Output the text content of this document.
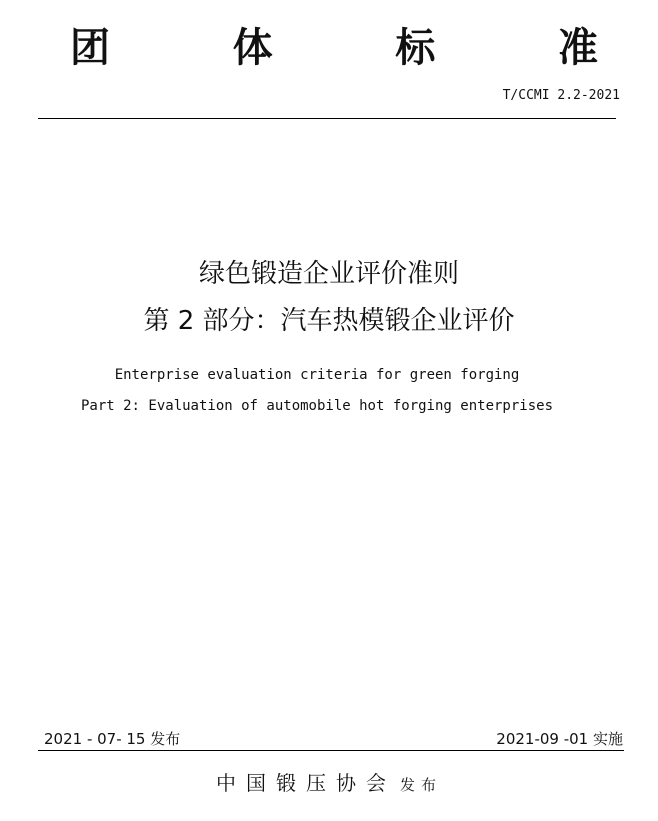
团	体	标	准
T/CCMI 2.2-2021
绿色锻造企业评价准则
第 2 部分：汽车热模锻企业评价
Enterprise evaluation criteria for green forging
Part 2: Evaluation of automobile hot forging enterprises
2021 - 07- 15 发布	2021-09 -01 实施
中国锻压协会 发布
